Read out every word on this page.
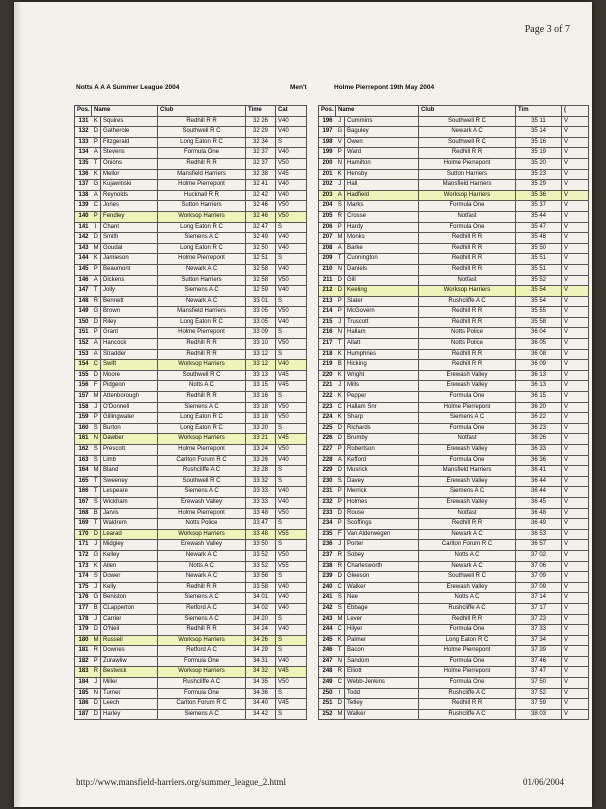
Page 3 of 7
Notts A A A Summer League 2004	Men't	Holme Pierrepont 19th May 2004
Pos.	Name		Club	Time	Cat
131	K	Squires	Redhill R R	32 26	V40
132	D	Gatherole	Southwell R C	32 29	V40
133	P	Fitzgerald	Long Eaton R C	32 34	S
134	A	Stevens	Formula One	32 37	V40
135	T	Onions	Redhill R R	32 37	V50
136	K	Mellor	Mansfield Harriers	32 38	V45
137	G	Kujawinski	Holme Pierrepont	32 41	V40
138	A	Reynolds	Hucknall R R	32 42	V40
139	C	Jones	Sutton Harriers	32 46	V50
140	P	Fendley	Worksop Harriers	32 46	V50
141	I	Chant	Long Eaton R C	32 47	S
142	D	Smith	Siemens A C	32 49	V40
143	M	Goudal	Long Eaton R C	32 50	V40
144	K	Jamieson	Holme Pierrepont	32 51	S
145	P	Beaumont	Newark A C	32 58	V40
146	A	Dickens	Sutton Harriers	32 58	V50
147	T	Jolly	Siemens A C	32 59	V40
148	R	Bennett	Newark A C	33 01	S
149	G	Brown	Mansfield Harriers	33 05	V50
150	D	Riley	Long Eaton R C	33 05	V40
151	P	Grant	Holme Pierrepont	33 09	S
152	A	Hancock	Redhill R R	33 10	V50
153	A	Stradder	Redhill R R	33 12	S
154	C	Swift	Worksop Harriers	33 12	V40
155	D	Moore	Southwell R C	33 13	V45
156	F	Pidgeon	Notts A C	33 15	V45
157	M	Attenborough	Redhill R R	33 16	S
158	J	O'Donnell	Siemens A C	33 18	V50
159	P	Gillingwater	Long Eaton R C	33 18	V50
160	S	Burton	Long Eaton R C	33 20	S
161	N	Dawber	Worksop Harriers	33 21	V45
162	S	Prescott	Holme Pierrepont	33 24	V50
163	S	Limb	Carlton Forum R C	33 26	V40
164	M	Bland	Rushcliffe A C	33 28	S
165	T	Sweeney	Southwell R C	33 32	S
166	T	Lespeare	Siemens A C	33 33	V40
167	S	Wickham	Erewash Valley	33 33	V40
168	B	Jarvis	Holme Pierrepont	33 48	V50
169	T	Waldrem	Notts Police	33 47	S
170	D	Learad	Worksop Harriers	33 48	V55
171	J	Midgley	Erewash Valley	33 50	S
172	G	Kelley	Newark A C	33 52	V50
173	K	Allen	Notts A C	33 52	V55
174	S	Dower	Newark A C	33 56	S
175	J	Kelly	Redhill R R	33 58	V40
176	G	Beniston	Siemens A C	34 01	V40
177	B	CLapperton	Retford A C	34 02	V40
178	J	Carrier	Siemens A C	34 20	S
179	D	O'Neil	Redhill R R	34 24	V40
180	M	Russell	Worksop Harriers	34 26	S
181	R	Downes	Retford A C	34 29	S
182	P	Zurawliw	Formula One	34 31	V40
183	R	Bestwick	Worksop Harriers	34 32	V45
184	J	Miller	Rushcliffe A C	34 35	V50
185	N	Turner	Formula One	34 36	S
186	D	Leech	Carlton Forum R C	34 40	V45
187	D	Harley	Siemens A C	34 42	S
Pos.	Name		Club	Tim	(
196	J	Cummins	Southwell R C	35 11	V
197	G	Baguley	Newark A C	35 14	V
198	V	Owen	Southwell R C	35 16	V
199	P	Ward	Redhill R R	35 19	V
200	N	Hamilton	Holme Pierrepont	35 20	V
201	K	Hensby	Sutton Harriers	35 23	V
202	J	Hall	Mansfield Harriers	35 29	V
203	A	Hadfield	Worksop Harriers	35 36	V
204	S	Marks	Formula One	35 37	V
205	R	Crosse	Notfast	35 44	V
206	P	Hardy	Formula One	35 47	V
207	M	Monks	Redhill R R	35 48	V
208	A	Barke	Redhill R R	35 50	V
209	T	Cunnington	Redhill R R	35 51	V
210	N	Daniels	Redhill R R	35 51	V
211	D	Gill	Notfast	35 52	V
212	D	Keeling	Worksop Harriers	35 54	V
213	P	Slater	Rushcliffe A C	35 54	V
214	P	McGovern	Redhill R R	35 55	V
215	J	Truscott	Redhill R R	35 58	V
216	N	Hallam	Notts Police	36 04	V
217	T	Allatt	Notts Police	36 05	V
218	K	Humphries	Redhill R R	36 08	V
219	B	Hicking	Redhill R R	36 09	V
220	K	Wright	Erewash Valley	36 13	V
221	J	Mills	Erewash Valley	36 13	V
222	K	Pepper	Formula One	36 15	V
223	C	Hallam Snr	Holme Pierrepont	36 20	V
224	K	Sharp	Siemens A C	36 22	V
225	D	Richards	Formula One	36 23	V
226	D	Brumby	Notfast	36 26	V
227	P	Robertson	Erewash Valley	36 33	V
228	A	Kefford	Formula One	36 36	V
229	D	Musrick	Mansfield Harriers	36 41	V
230	S	Davey	Erewash Valley	36 44	V
231	P	Merrick	Siemens A C	36 44	V
232	P	Holmes	Erewash Valley	36 45	V
233	D	Rouse	Notfast	36 48	V
234	P	Scoffings	Redhill R R	36 49	V
235	F	Van Alderwegen	Newark A C	36 53	V
236	J	Porter	Carlton Forum R C	36 57	V
237	R	Sobey	Notts A C	37 02	V
238	R	Charlesworth	Newark A C	37 06	V
239	D	Gleeson	Southwell R C	37 09	V
240	C	Walker	Erewash Valley	37 09	V
241	S	Nee	Notts A C	37 14	V
242	S	Ebbage	Rushcliffe A C	37 17	V
243	M	Lever	Redhill R R	37 23	V
244	C	Hilyer	Formula One	37 33	V
245	K	Palmer	Long Eaton R C	37 34	V
246	T	Bacon	Holme Pierrepont	37 39	V
247	N	Sandom	Formula One	37 46	V
248	R	Elliott	Holme Pierrepont	37 47	V
249	C	Webb-Jenkins	Formula One	37 50	V
250	I	Todd	Rushcliffe A C	37 52	V
251	D	Tetley	Redhill R R	37 59	V
252	M	Walker	Rushcliffe A C	38 03	V
http://www.mansfield-harriers.org/summer_league_2.html	01/06/2004
